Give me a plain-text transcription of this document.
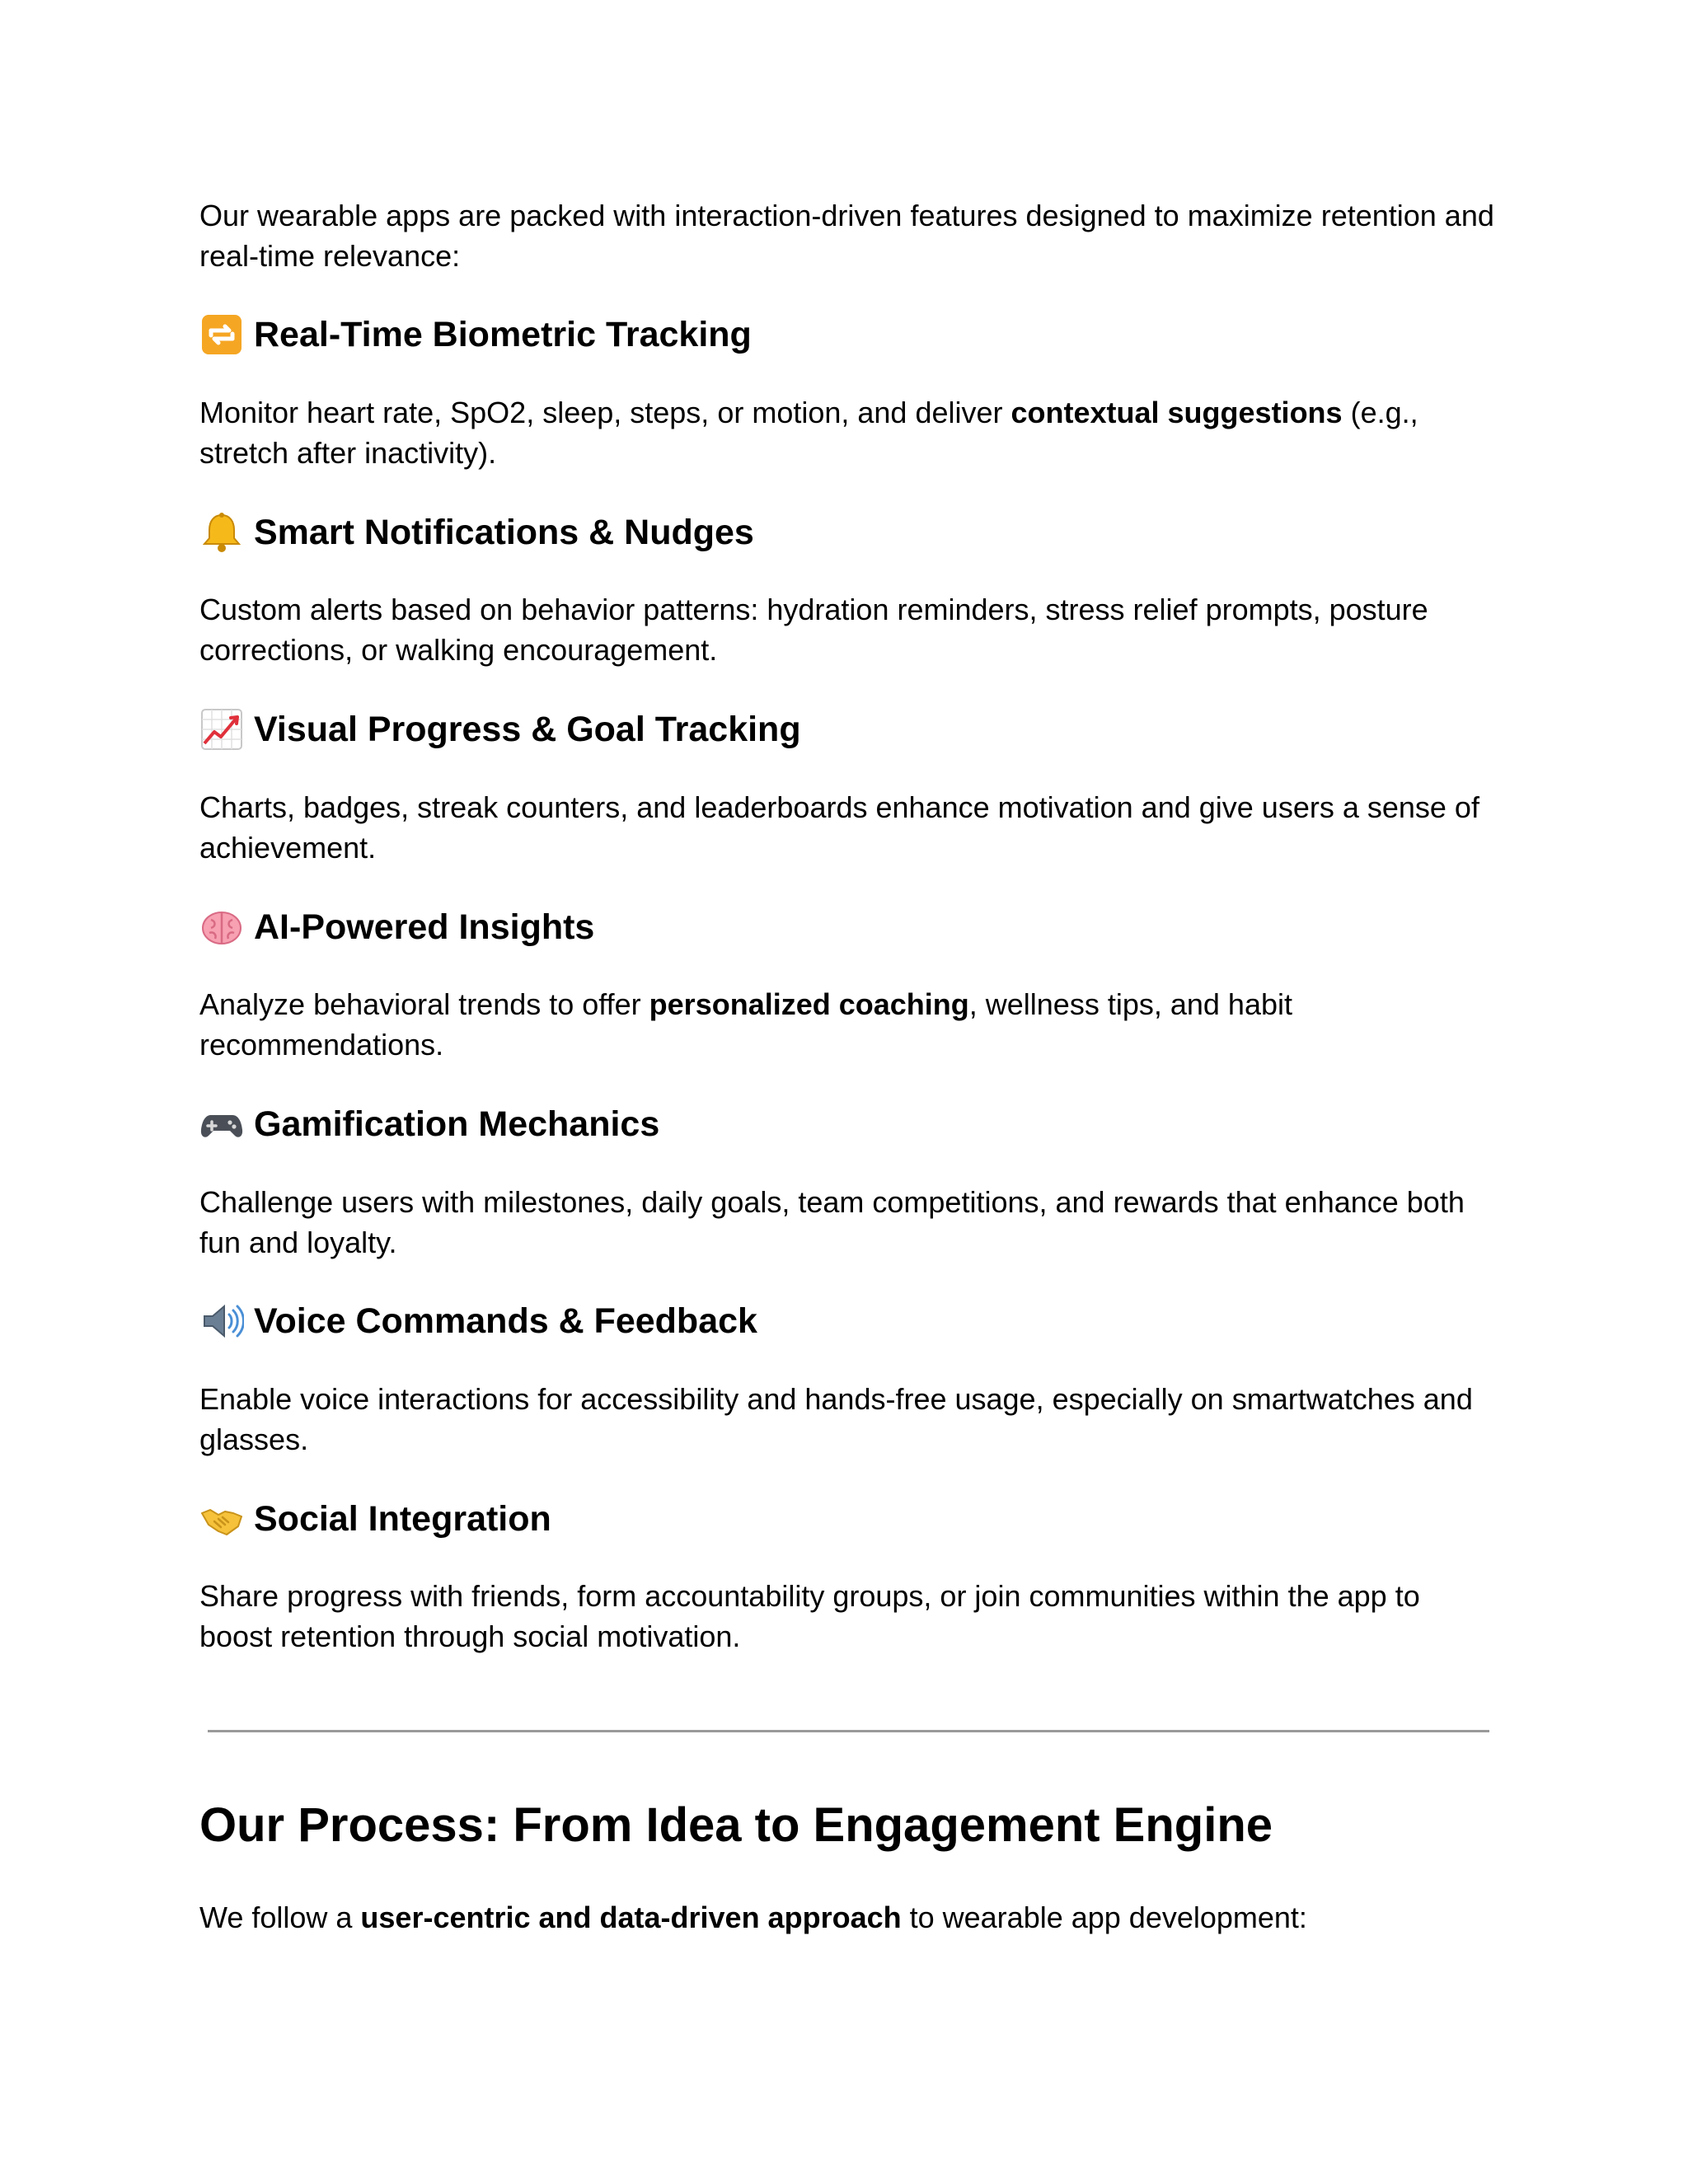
Our wearable apps are packed with interaction-driven features designed to maximize retention and real-time relevance:

Real-Time Biometric Tracking

Monitor heart rate, SpO2, sleep, steps, or motion, and deliver contextual suggestions (e.g., stretch after inactivity).

Smart Notifications & Nudges

Custom alerts based on behavior patterns: hydration reminders, stress relief prompts, posture corrections, or walking encouragement.

Visual Progress & Goal Tracking

Charts, badges, streak counters, and leaderboards enhance motivation and give users a sense of achievement.

AI-Powered Insights

Analyze behavioral trends to offer personalized coaching, wellness tips, and habit recommendations.

Gamification Mechanics

Challenge users with milestones, daily goals, team competitions, and rewards that enhance both fun and loyalty.

Voice Commands & Feedback

Enable voice interactions for accessibility and hands-free usage, especially on smartwatches and glasses.

Social Integration

Share progress with friends, form accountability groups, or join communities within the app to boost retention through social motivation.

Our Process: From Idea to Engagement Engine

We follow a user-centric and data-driven approach to wearable app development:
